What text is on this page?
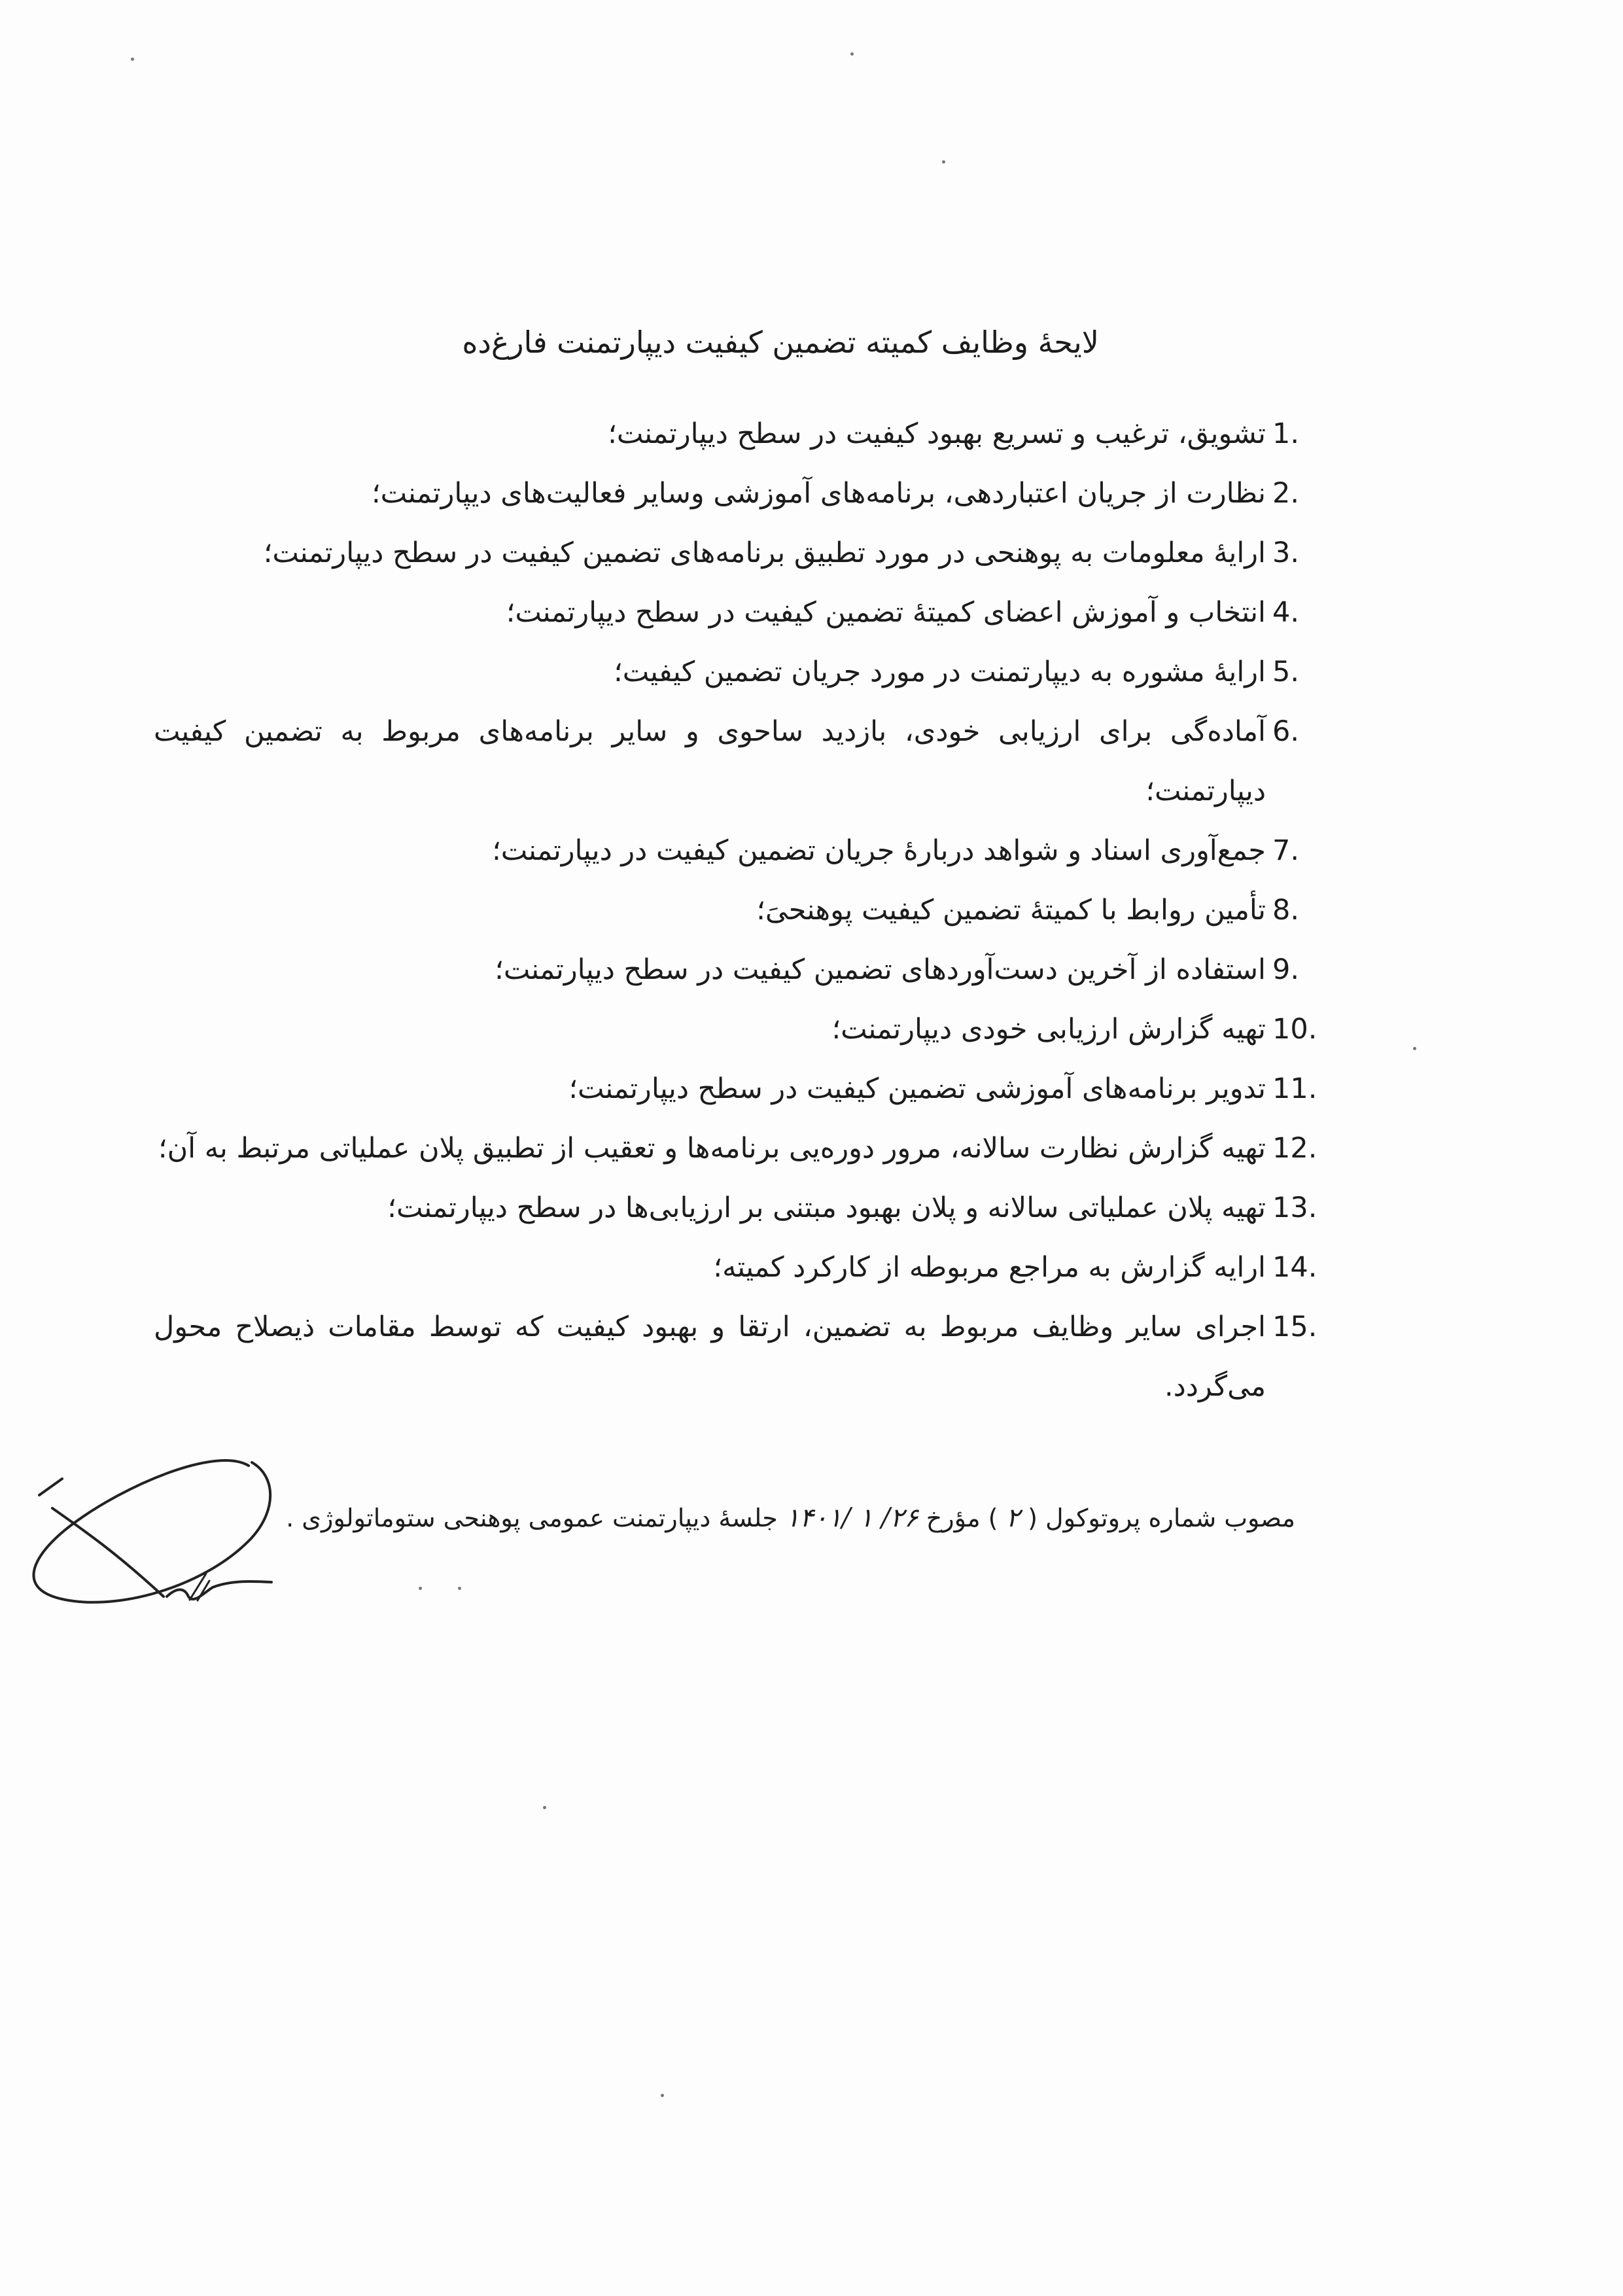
لایحۀ وظایف کمیته تضمین کیفیت دیپارتمنت فارغ‌ده
1.
تشویق، ترغیب و تسریع بهبود کیفیت در سطح دیپارتمنت؛
2.
نظارت از جریان اعتباردهی، برنامه‌های آموزشی وسایر فعالیت‌های دیپارتمنت؛
3.
ارایۀ معلومات به پوهنحی در مورد تطبیق برنامه‌های تضمین کیفیت در سطح دیپارتمنت؛
4.
انتخاب و آموزش اعضای کمیتۀ تضمین کیفیت در سطح دیپارتمنت؛
5.
ارایۀ مشوره به دیپارتمنت در مورد جریان تضمین کیفیت؛
6.
آماده‌گی برای ارزیابی خودی، بازدید ساحوی و سایر برنامه‌های مربوط به تضمین کیفیت دیپارتمنت؛
7.
جمع‌آوری اسناد و شواهد دربارۀ جریان تضمین کیفیت در دیپارتمنت؛
8.
تأمین روابط با کمیتۀ تضمین کیفیت پوهنحیَ؛
9.
استفاده از آخرین دست‌آوردهای تضمین کیفیت در سطح دیپارتمنت؛
10.
تهیه گزارش ارزیابی خودی دیپارتمنت؛
11.
تدویر برنامه‌های آموزشی تضمین کیفیت در سطح دیپارتمنت؛
12.
تهیه گزارش نظارت سالانه، مرور دوره‌یی برنامه‌ها و تعقیب از تطبیق پلان عملیاتی مرتبط به آن؛
13.
تهیه پلان عملیاتی سالانه و پلان بهبود مبتنی بر ارزیابی‌ها در سطح دیپارتمنت؛
14.
ارایه گزارش به مراجع مربوطه از کارکرد کمیته؛
15.
اجرای سایر وظایف مربوط به تضمین، ارتقا و بهبود کیفیت که توسط مقامات ذیصلاح محول می‌گردد.
مصوب شماره پروتوکول ( ۲ ) مؤرخ ۲۶/ ۱ /۱۴۰۱ جلسۀ دیپارتمنت عمومی پوهنحی ستوماتولوژی .
